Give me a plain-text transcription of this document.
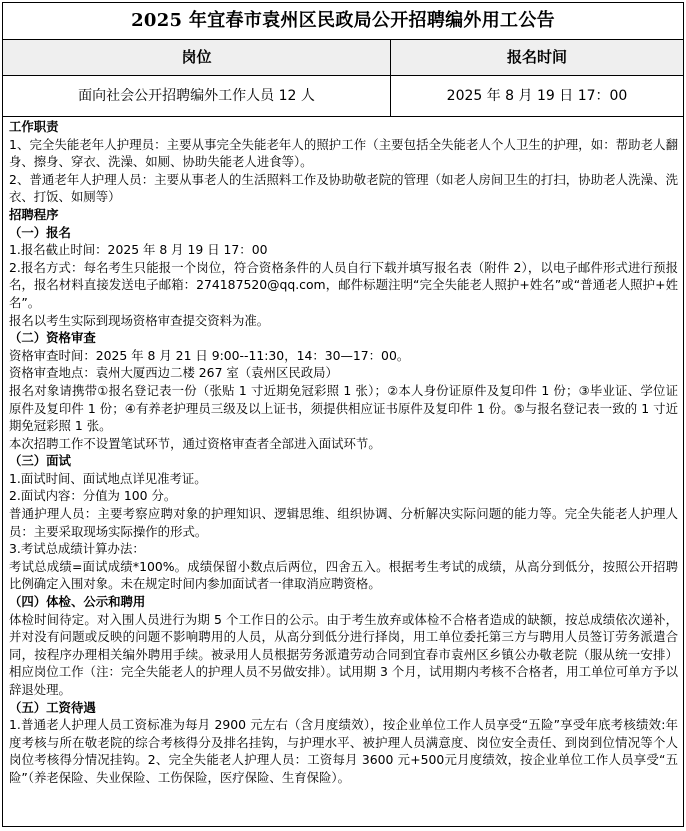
2025 年宜春市袁州区民政局公开招聘编外用工公告
岗位	报名时间
面向社会公开招聘编外工作人员 12 人	2025 年 8 月 19 日 17：00

工作职责

1、完全失能老年人护理员：主要从事完全失能老年人的照护工作（主要包括全失能老人个人卫生的护理，如：帮助老人翻身、擦身、穿衣、洗澡、如厕、协助失能老人进食等）。

2、普通老年人护理人员：主要从事老人的生活照料工作及协助敬老院的管理（如老人房间卫生的打扫，协助老人洗澡、洗衣、打饭、如厕等）

招聘程序

（一）报名

1.报名截止时间：2025 年 8 月 19 日 17：00

2.报名方式：每名考生只能报一个岗位，符合资格条件的人员自行下载并填写报名表（附件 2），以电子邮件形式进行预报名，报名材料直接发送电子邮箱：274187520@qq.com，邮件标题注明“完全失能老人照护+姓名”或“普通老人照护+姓名”。

报名以考生实际到现场资格审查提交资料为准。

（二）资格审查

资格审查时间：2025 年 8 月 21 日 9:00--11:30，14：30—17：00。

资格审查地点：袁州大厦西边二楼 267 室（袁州区民政局）

报名对象请携带①报名登记表一份（张贴 1 寸近期免冠彩照 1 张）；②本人身份证原件及复印件 1 份；③毕业证、学位证原件及复印件 1 份；④有养老护理员三级及以上证书，须提供相应证书原件及复印件 1 份。⑤与报名登记表一致的 1 寸近期免冠彩照 1 张。

本次招聘工作不设置笔试环节，通过资格审查者全部进入面试环节。

（三）面试

1.面试时间、面试地点详见准考证。

2.面试内容：分值为 100 分。

普通护理人员：主要考察应聘对象的护理知识、逻辑思维、组织协调、分析解决实际问题的能力等。完全失能老人护理人员：主要采取现场实际操作的形式。

3.考试总成绩计算办法：

考试总成绩=面试成绩*100%。成绩保留小数点后两位，四舍五入。根据考生考试的成绩，从高分到低分，按照公开招聘比例确定入围对象。未在规定时间内参加面试者一律取消应聘资格。

（四）体检、公示和聘用

体检时间待定。对入围人员进行为期 5 个工作日的公示。由于考生放弃或体检不合格者造成的缺额，按总成绩依次递补，并对没有问题或反映的问题不影响聘用的人员，从高分到低分进行择岗，用工单位委托第三方与聘用人员签订劳务派遣合同，按程序办理相关编外聘用手续。被录用人员根据劳务派遣劳动合同到宜春市袁州区乡镇公办敬老院（服从统一安排）相应岗位工作（注：完全失能老人的护理人员不另做安排）。试用期 3 个月，试用期内考核不合格者，用工单位可单方予以辞退处理。

（五）工资待遇

1.普通老人护理人员工资标准为每月 2900 元左右（含月度绩效），按企业单位工作人员享受“五险”享受年底考核绩效:年度考核与所在敬老院的综合考核得分及排名挂钩，与护理水平、被护理人员满意度、岗位安全责任、到岗到位情况等个人岗位考核得分情况挂钩。2、完全失能老人护理人员：工资每月 3600 元+500元月度绩效，按企业单位工作人员享受“五险”（养老保险、失业保险、工伤保险，医疗保险、生育保险）。
